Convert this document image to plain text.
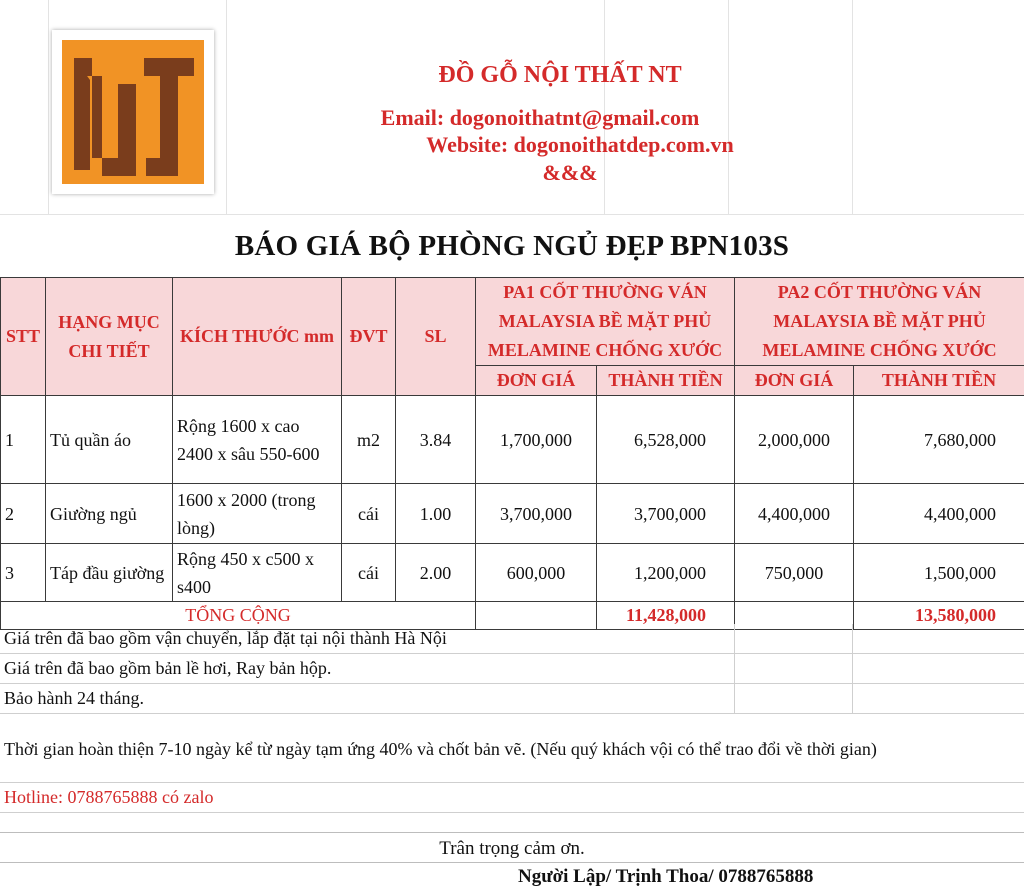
ĐỒ GỖ NỘI THẤT NT
Email: dogonoithatnt@gmail.com
Website: dogonoithatdep.com.vn
&&&
BÁO GIÁ BỘ PHÒNG NGỦ ĐẸP BPN103S
STT	HẠNG MỤC CHI TIẾT	KÍCH THƯỚC mm	ĐVT	SL	PA1 CỐT THƯỜNG VÁN MALAYSIA BỀ MẶT PHỦ MELAMINE CHỐNG XƯỚC		PA2 CỐT THƯỜNG VÁN MALAYSIA BỀ MẶT PHỦ MELAMINE CHỐNG XƯỚC	
					ĐƠN GIÁ	THÀNH TIỀN	ĐƠN GIÁ	THÀNH TIỀN
1	Tủ quần áo	Rộng 1600 x cao 2400 x sâu 550-600	m2	3.84	1,700,000	6,528,000	2,000,000	7,680,000
2	Giường ngủ	1600 x 2000 (trong lòng)	cái	1.00	3,700,000	3,700,000	4,400,000	4,400,000
3	Táp đầu giường	Rộng 450 x c500 x s400	cái	2.00	600,000	1,200,000	750,000	1,500,000
TỔNG CỘNG						11,428,000		13,580,000
Giá trên đã bao gồm vận chuyển, lắp đặt tại nội thành Hà Nội		
Giá trên đã bao gồm bản lề hơi, Ray bản hộp.		
Bảo hành 24 tháng.		
Thời gian hoàn thiện 7-10 ngày kể từ ngày tạm ứng 40% và chốt bản vẽ. (Nếu quý khách vội có thể trao đổi về thời gian)		
Hotline: 0788765888 có zalo		
Trân trọng cảm ơn.
Người Lập/ Trịnh Thoa/ 0788765888
